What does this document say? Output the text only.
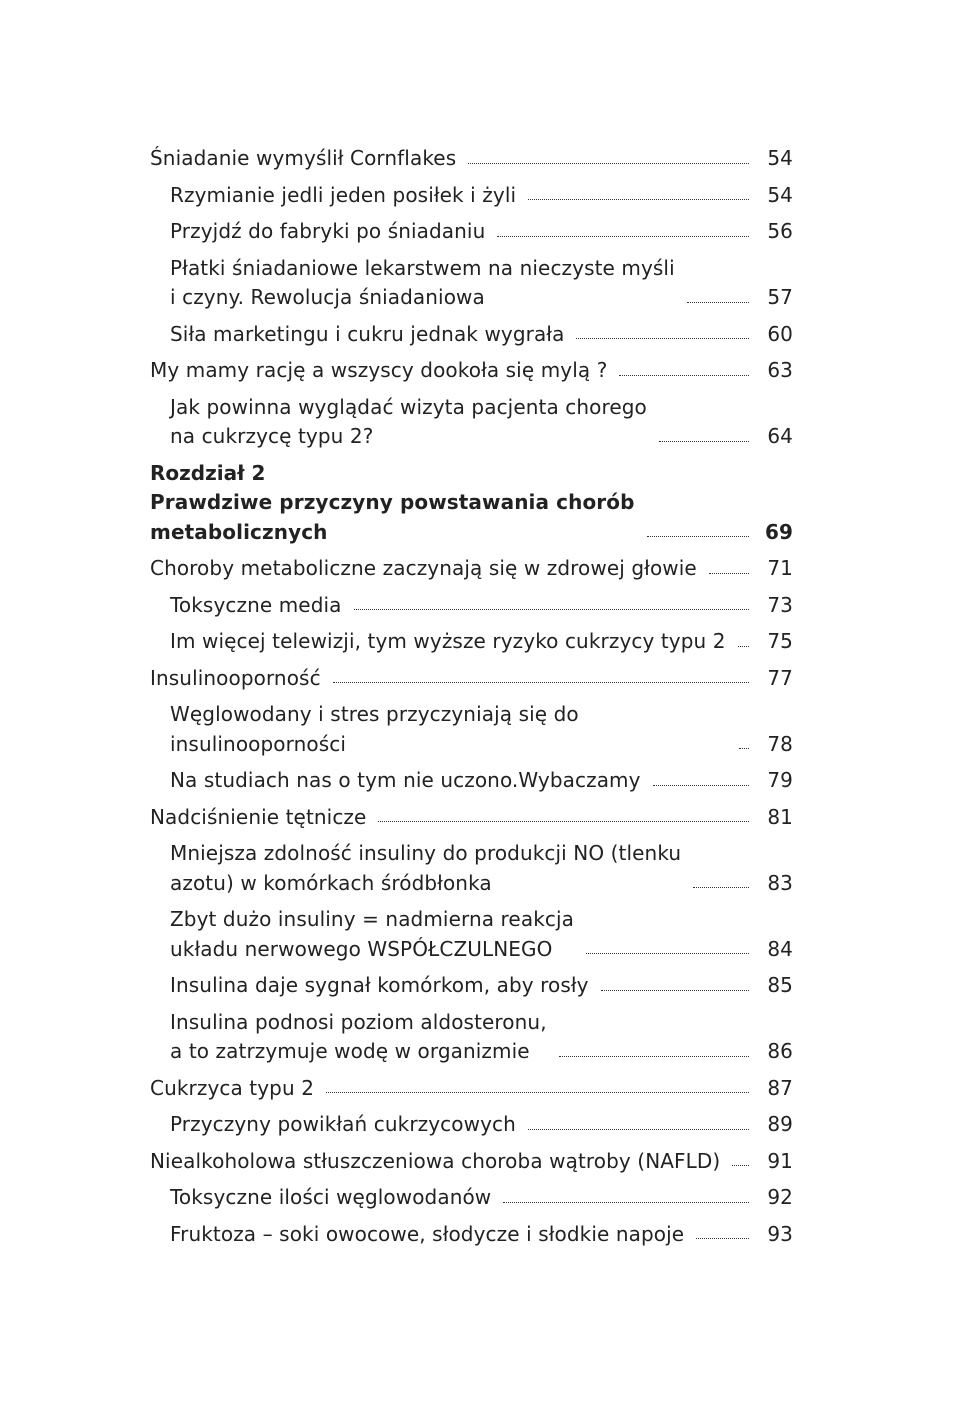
Śniadanie wymyślił Cornflakes	54
Rzymianie jedli jeden posiłek i żyli	54
Przyjdź do fabryki po śniadaniu	56
Płatki śniadaniowe lekarstwem na nieczyste myśli
i czyny. Rewolucja śniadaniowa	57
Siła marketingu i cukru jednak wygrała	60
My mamy rację a wszyscy dookoła się mylą ?	63
Jak powinna wyglądać wizyta pacjenta chorego
na cukrzycę typu 2?	64
Rozdział 2
Prawdziwe przyczyny powstawania chorób
metabolicznych	69
Choroby metaboliczne zaczynają się w zdrowej głowie	71
Toksyczne media	73
Im więcej telewizji, tym wyższe ryzyko cukrzycy typu 2 75
Insulinooporność	77
Węglowodany i stres przyczyniają się do insulinooporności	78
Na studiach nas o tym nie uczono.Wybaczamy	79
Nadciśnienie tętnicze	81
Mniejsza zdolność insuliny do produkcji NO (tlenku
azotu) w komórkach śródbłonka	83
Zbyt dużo insuliny = nadmierna reakcja
układu nerwowego WSPÓŁCZULNEGO	84
Insulina daje sygnał komórkom, aby rosły	85
Insulina podnosi poziom aldosteronu,
a to zatrzymuje wodę w organizmie	86
Cukrzyca typu 2	87
Przyczyny powikłań cukrzycowych	89
Niealkoholowa stłuszczeniowa choroba wątroby (NAFLD) 91
Toksyczne ilości węglowodanów	92
Fruktoza – soki owocowe, słodycze i słodkie napoje	93
